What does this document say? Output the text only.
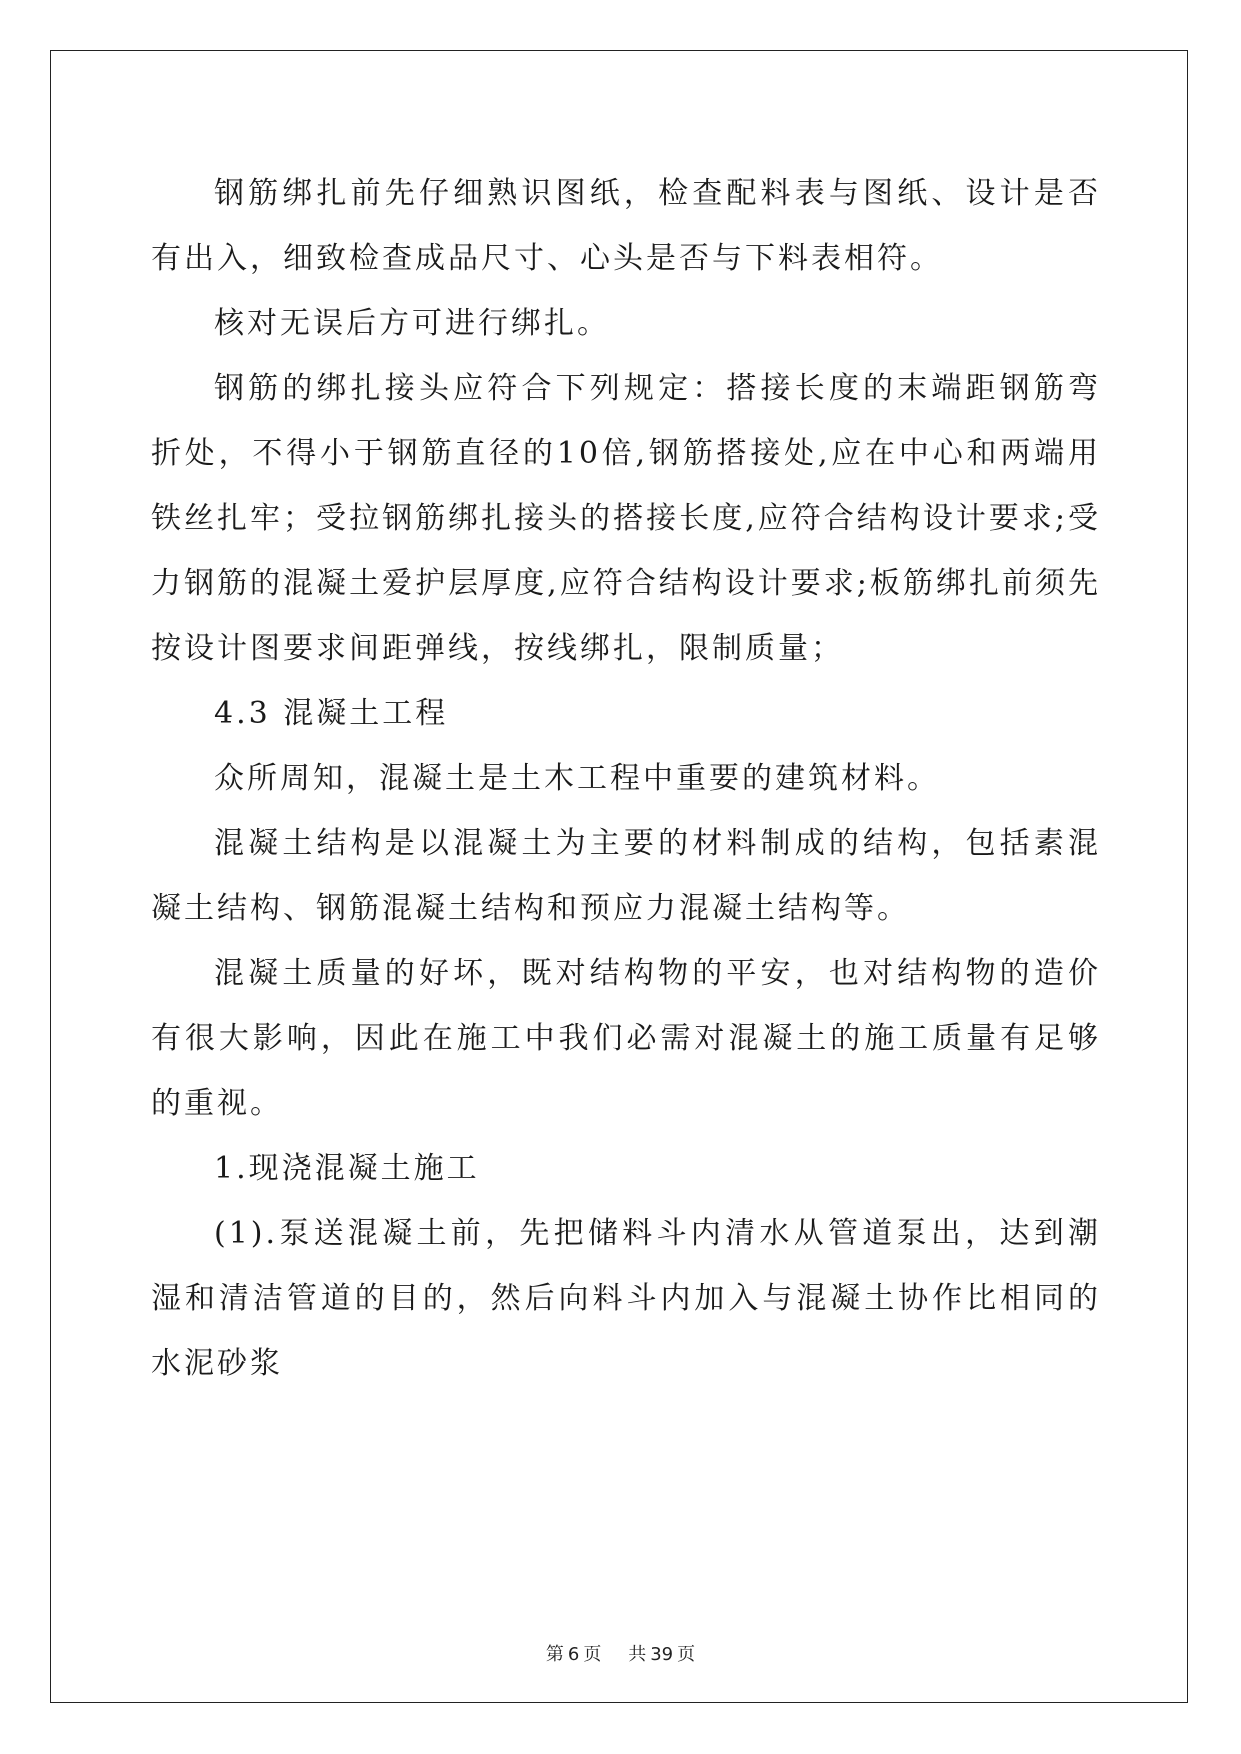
钢筋绑扎前先仔细熟识图纸，检查配料表与图纸、设计是否有出入，细致检查成品尺寸、心头是否与下料表相符。

核对无误后方可进行绑扎。

钢筋的绑扎接头应符合下列规定：搭接长度的末端距钢筋弯折处，不得小于钢筋直径的10倍,钢筋搭接处,应在中心和两端用铁丝扎牢；受拉钢筋绑扎接头的搭接长度,应符合结构设计要求;受力钢筋的混凝土爱护层厚度,应符合结构设计要求;板筋绑扎前须先按设计图要求间距弹线，按线绑扎，限制质量；

4.3 混凝土工程

众所周知，混凝土是土木工程中重要的建筑材料。

混凝土结构是以混凝土为主要的材料制成的结构，包括素混凝土结构、钢筋混凝土结构和预应力混凝土结构等。

混凝土质量的好坏，既对结构物的平安，也对结构物的造价有很大影响，因此在施工中我们必需对混凝土的施工质量有足够的重视。

1.现浇混凝土施工

(1).泵送混凝土前，先把储料斗内清水从管道泵出，达到潮湿和清洁管道的目的，然后向料斗内加入与混凝土协作比相同的水泥砂浆

第 6 页 共 39 页
